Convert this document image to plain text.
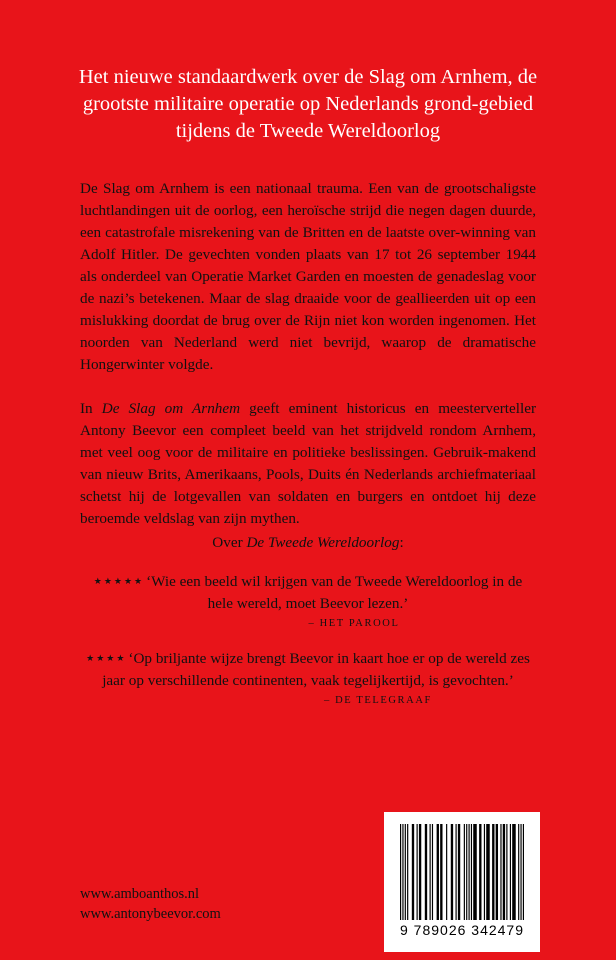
Het nieuwe standaardwerk over de Slag om Arnhem, de grootste militaire operatie op Nederlands grond-gebied tijdens de Tweede Wereldoorlog

De Slag om Arnhem is een nationaal trauma. Een van de grootschaligste luchtlandingen uit de oorlog, een heroïsche strijd die negen dagen duurde, een catastrofale misrekening van de Britten en de laatste over-winning van Adolf Hitler. De gevechten vonden plaats van 17 tot 26 september 1944 als onderdeel van Operatie Market Garden en moesten de genadeslag voor de nazi’s betekenen. Maar de slag draaide voor de geallieerden uit op een mislukking doordat de brug over de Rijn niet kon worden ingenomen. Het noorden van Nederland werd niet bevrijd, waarop de dramatische Hongerwinter volgde.

In De Slag om Arnhem geeft eminent historicus en meesterverteller Antony Beevor een compleet beeld van het strijdveld rondom Arnhem, met veel oog voor de militaire en politieke beslissingen. Gebruik-makend van nieuw Brits, Amerikaans, Pools, Duits én Nederlands archiefmateriaal schetst hij de lotgevallen van soldaten en burgers en ontdoet hij deze beroemde veldslag van zijn mythen.

Over De Tweede Wereldoorlog:
★★★★★ ‘Wie een beeld wil krijgen van de Tweede Wereldoorlog in de hele wereld, moet Beevor lezen.’
– HET PAROOL
★★★★ ‘Op briljante wijze brengt Beevor in kaart hoe er op de wereld zes jaar op verschillende continenten, vaak tegelijkertijd, is gevochten.’
– DE TELEGRAAF
www.amboanthos.nl
www.antonybeevor.com
9 789026 342479
